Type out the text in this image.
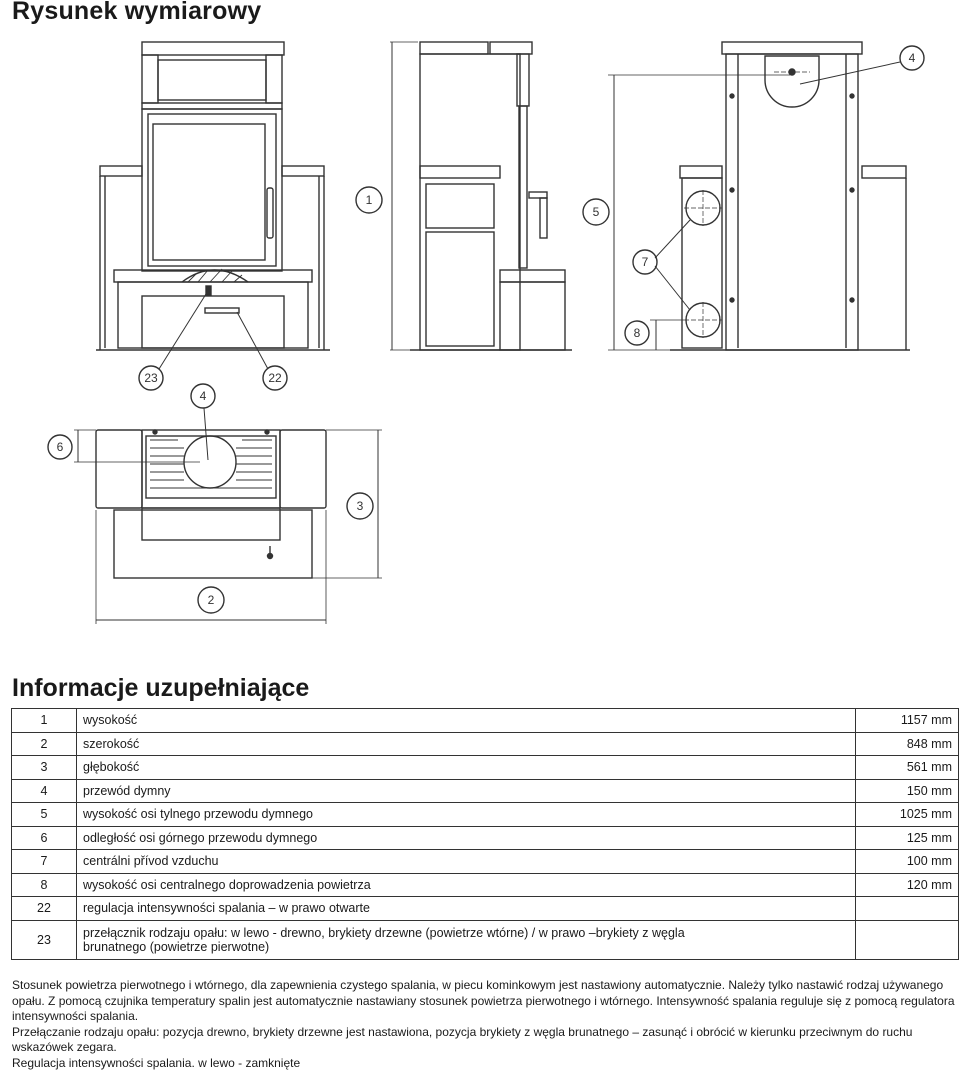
Rysunek wymiarowy
1
2
3
4
4
5
6
7
8
22
23
Informacje uzupełniające
1	wysokość	1157 mm
2	szerokość	848 mm
3	głębokość	561 mm
4	przewód dymny	150 mm
5	wysokość osi tylnego przewodu dymnego	1025 mm
6	odległość osi górnego przewodu dymnego	125 mm
7	centrálni přívod vzduchu	100 mm
8	wysokość osi centralnego doprowadzenia powietrza	120 mm
22	regulacja intensywności spalania – w prawo otwarte	
23	przełącznik rodzaju opału: w lewo - drewno, brykiety drzewne (powietrze wtórne) / w prawo –brykiety z węgla brunatnego (powietrze pierwotne)	

Stosunek powietrza pierwotnego i wtórnego, dla zapewnienia czystego spalania, w piecu kominkowym jest nastawiony automatycznie. Należy tylko nastawić rodzaj używanego opału. Z pomocą czujnika temperatury spalin jest automatycznie nastawiany stosunek powietrza pierwotnego i wtórnego. Intensywność spalania reguluje się z pomocą regulatora intensywności spalania.

Przełączanie rodzaju opału: pozycja drewno, brykiety drzewne jest nastawiona, pozycja brykiety z węgla brunatnego – zasunąć i obrócić w kierunku przeciwnym do ruchu wskazówek zegara.

Regulacja intensywności spalania. w lewo - zamknięte
